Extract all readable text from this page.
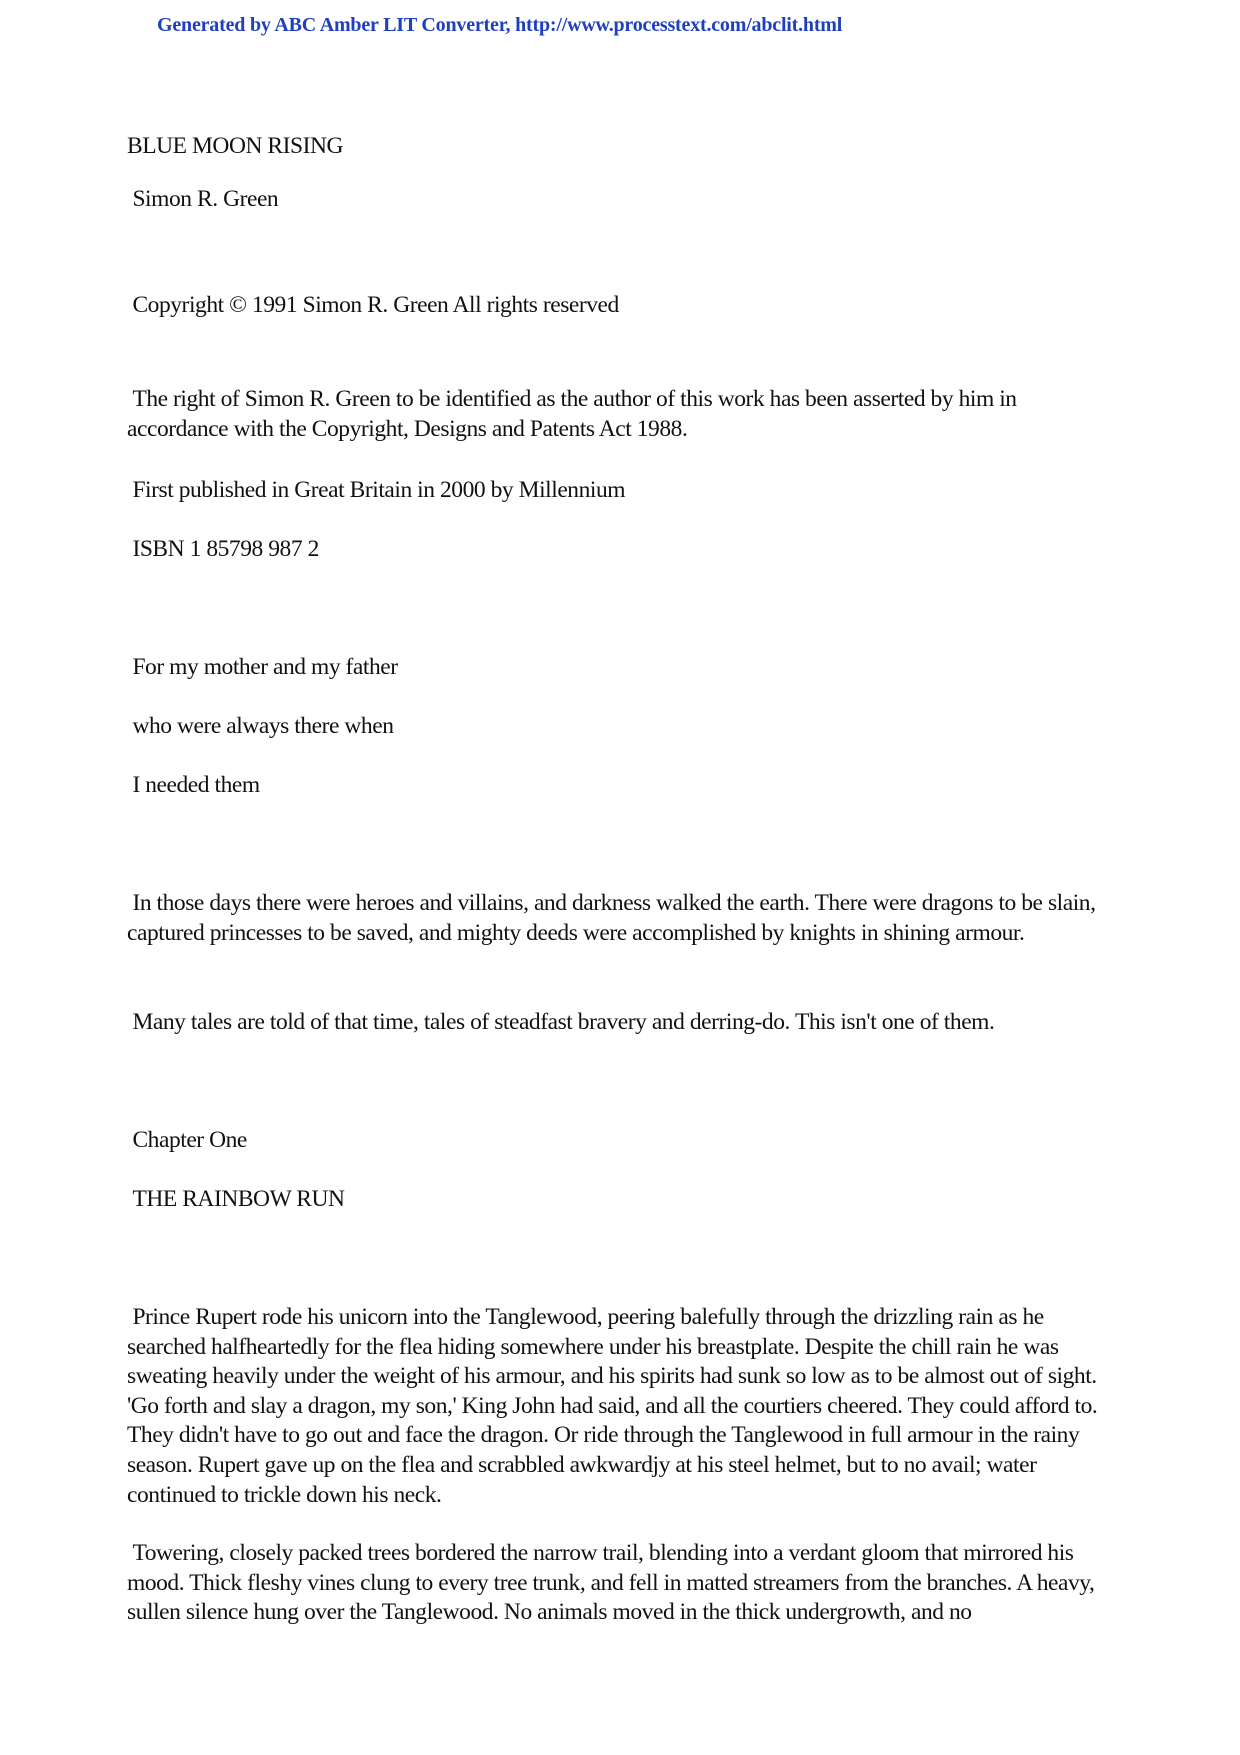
Generated by ABC Amber LIT Converter, http://www.processtext.com/abclit.html
BLUE MOON RISING
Simon R. Green
Copyright © 1991 Simon R. Green All rights reserved
The right of Simon R. Green to be identified as the author of this work has been asserted by him in accordance with the Copyright, Designs and Patents Act 1988.
First published in Great Britain in 2000 by Millennium
ISBN 1 85798 987 2
For my mother and my father
who were always there when
I needed them
In those days there were heroes and villains, and darkness walked the earth. There were dragons to be slain, captured princesses to be saved, and mighty deeds were accomplished by knights in shining armour.
Many tales are told of that time, tales of steadfast bravery and derring-do. This isn't one of them.
Chapter One
THE RAINBOW RUN
Prince Rupert rode his unicorn into the Tanglewood, peering balefully through the drizzling rain as he searched halfheartedly for the flea hiding somewhere under his breastplate. Despite the chill rain he was sweating heavily under the weight of his armour, and his spirits had sunk so low as to be almost out of sight. 'Go forth and slay a dragon, my son,' King John had said, and all the courtiers cheered. They could afford to. They didn't have to go out and face the dragon. Or ride through the Tanglewood in full armour in the rainy season. Rupert gave up on the flea and scrabbled awkwardjy at his steel helmet, but to no avail; water continued to trickle down his neck.
Towering, closely packed trees bordered the narrow trail, blending into a verdant gloom that mirrored his mood. Thick fleshy vines clung to every tree trunk, and fell in matted streamers from the branches. A heavy, sullen silence hung over the Tanglewood. No animals moved in the thick undergrowth, and no
